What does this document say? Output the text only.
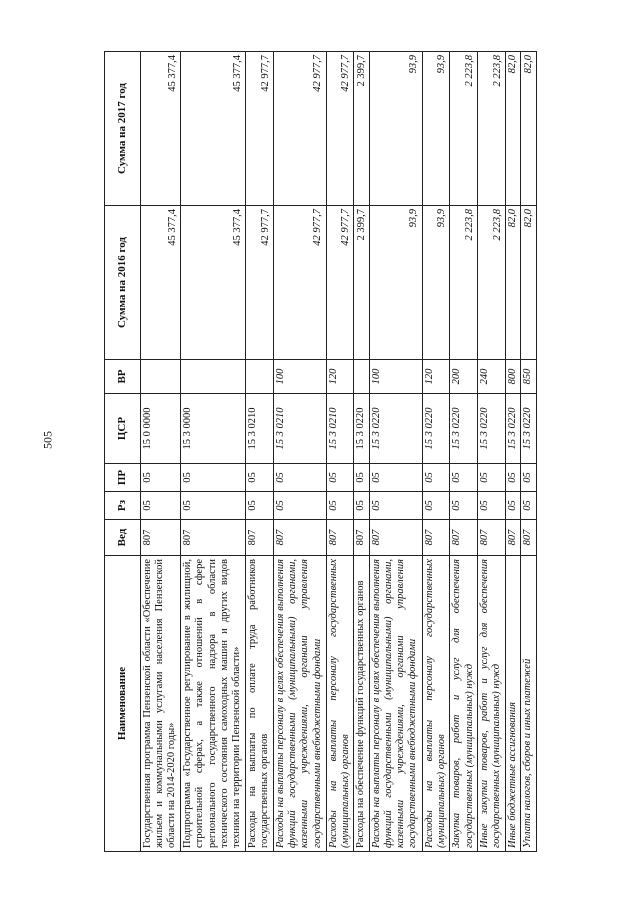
505
Наименование	Вед	Рз	ПР	ЦСР	ВР	Сумма на 2016 год	Сумма на 2017 год
Государственная программа Пензенской области «Обеспечение жильем и коммунальными услугами населения Пензенской области на 2014-2020 годы»	807	05	05	15 0 0000		45 377,4	45 377,4
Подпрограмма «Государственное регулирование в жилищной, строительной сферах, а также отношений в сфере регионального государственного надзора в области технического состояния самоходных машин и других видов техники на территории Пензенской области»	807	05	05	15 3 0000		45 377,4	45 377,4
Расходы на выплаты по оплате труда работников государственных органов	807	05	05	15 3 0210		42 977,7	42 977,7
Расходы на выплаты персоналу в целях обеспечения выполнения функций государственными (муниципальными) органами, казенными учреждениями, органами управления государственными внебюджетными фондами	807	05	05	15 3 0210	100	42 977,7	42 977,7
Расходы на выплаты персоналу государственных (муниципальных) органов	807	05	05	15 3 0210	120	42 977,7	42 977,7
Расходы на обеспечение функций государственных органов	807	05	05	15 3 0220		2 399,7	2 399,7
Расходы на выплаты персоналу в целях обеспечения выполнения функций государственными (муниципальными) органами, казенными учреждениями, органами управления государственными внебюджетными фондами	807	05	05	15 3 0220	100	93,9	93,9
Расходы на выплаты персоналу государственных (муниципальных) органов	807	05	05	15 3 0220	120	93,9	93,9
Закупка товаров, работ и услуг для обеспечения государственных (муниципальных) нужд	807	05	05	15 3 0220	200	2 223,8	2 223,8
Иные закупки товаров, работ и услуг для обеспечения государственных (муниципальных) нужд	807	05	05	15 3 0220	240	2 223,8	2 223,8
Иные бюджетные ассигнования	807	05	05	15 3 0220	800	82,0	82,0
Уплата налогов, сборов и иных платежей	807	05	05	15 3 0220	850	82,0	82,0
